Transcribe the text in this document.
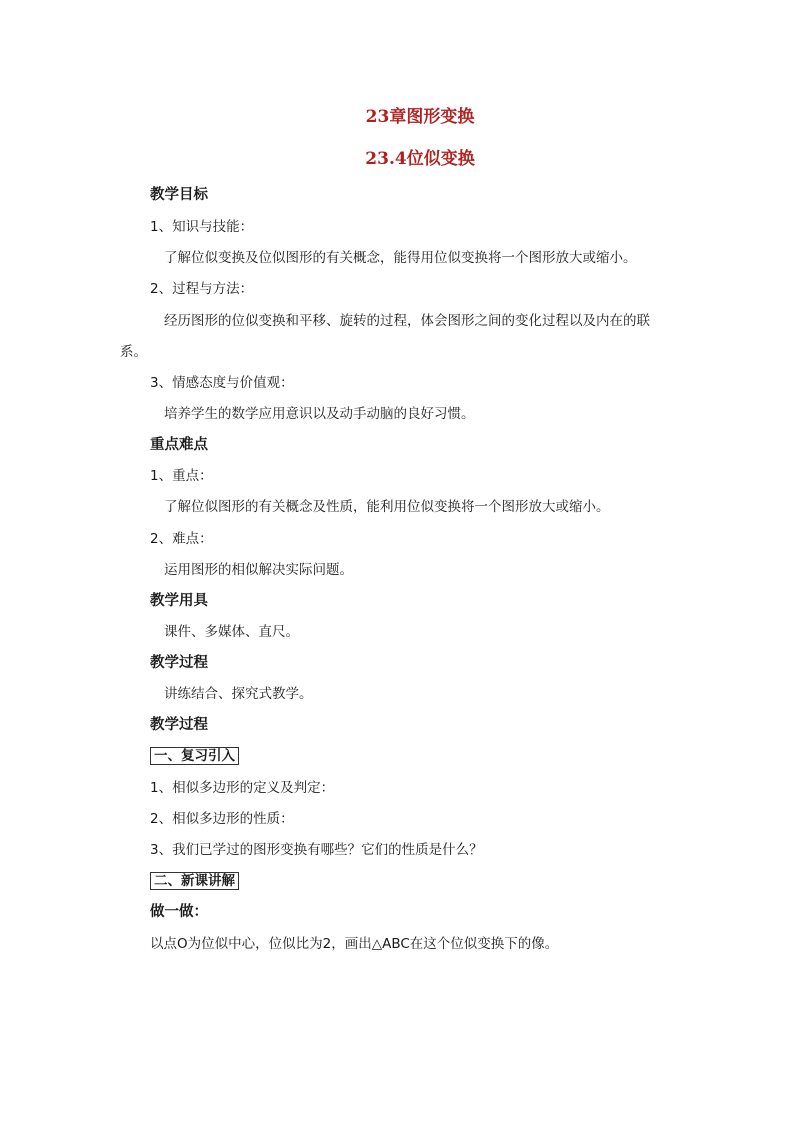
23章图形变换
23.4位似变换
教学目标
1、知识与技能：
了解位似变换及位似图形的有关概念，能得用位似变换将一个图形放大或缩小。
2、过程与方法：
经历图形的位似变换和平移、旋转的过程，体会图形之间的变化过程以及内在的联
系。
3、情感态度与价值观：
培养学生的数学应用意识以及动手动脑的良好习惯。
重点难点
1、重点：
了解位似图形的有关概念及性质，能利用位似变换将一个图形放大或缩小。
2、难点：
运用图形的相似解决实际问题。
教学用具
课件、多媒体、直尺。
教学过程
讲练结合、探究式教学。
教学过程
一、复习引入
1、相似多边形的定义及判定：
2、相似多边形的性质：
3、我们已学过的图形变换有哪些？它们的性质是什么？
二、新课讲解
做一做：
以点O为位似中心，位似比为2，画出△ABC在这个位似变换下的像。
